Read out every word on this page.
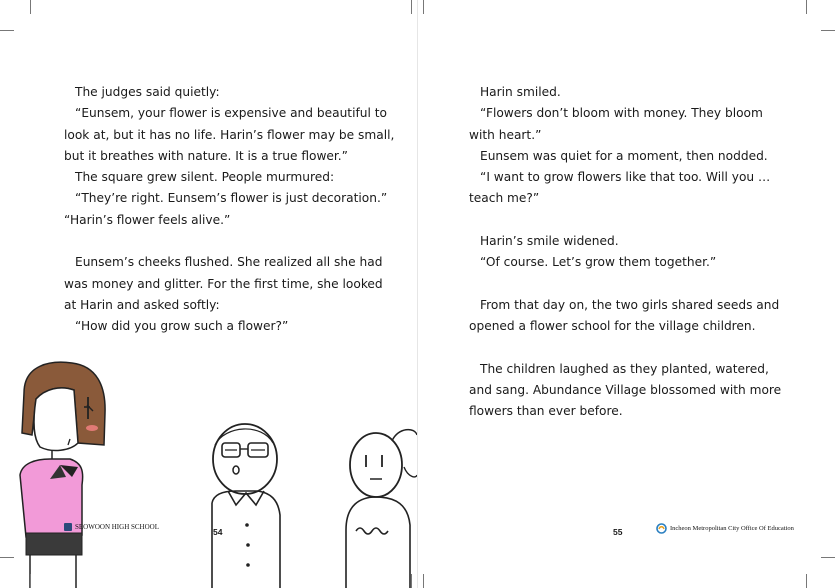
The judges said quietly:

“Eunsem, your flower is expensive and beautiful to

look at, but it has no life. Harin’s flower may be small,

but it breathes with nature. It is a true flower.”

The square grew silent. People murmured:

“They’re right. Eunsem’s flower is just decoration.”

“Harin’s flower feels alive.”

Eunsem’s cheeks flushed. She realized all she had

was money and glitter. For the first time, she looked

at Harin and asked softly:

“How did you grow such a flower?”

SEOWOON HIGH SCHOOL	54

Harin smiled.

“Flowers don’t bloom with money. They bloom

with heart.”

Eunsem was quiet for a moment, then nodded.

“I want to grow flowers like that too. Will you …

teach me?”

Harin’s smile widened.

“Of course. Let’s grow them together.”

From that day on, the two girls shared seeds and

opened a flower school for the village children.

The children laughed as they planted, watered,

and sang. Abundance Village blossomed with more

flowers than ever before.

55	Incheon Metropolitan City Office Of Education
